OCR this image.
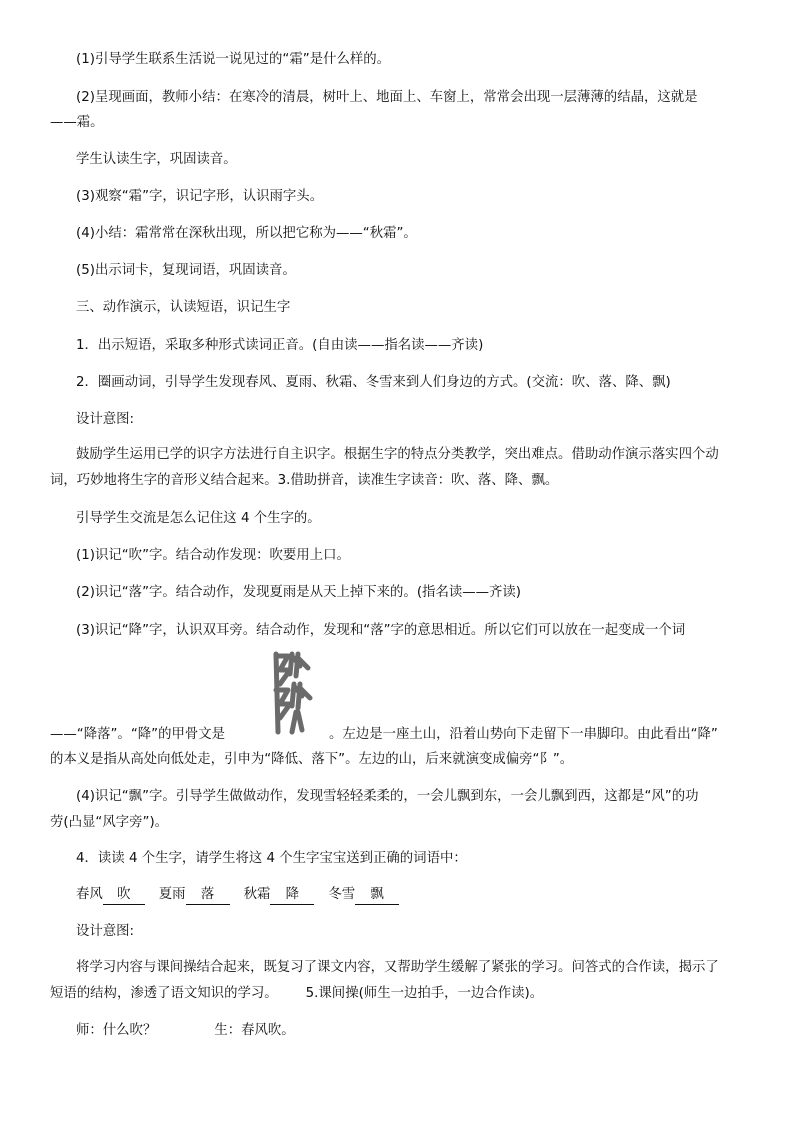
(1)引导学生联系生活说一说见过的“霜”是什么样的。
(2)呈现画面，教师小结：在寒冷的清晨，树叶上、地面上、车窗上，常常会出现一层薄薄的结晶，这就是
——霜。
学生认读生字，巩固读音。
(3)观察“霜”字，识记字形，认识雨字头。
(4)小结：霜常常在深秋出现，所以把它称为——“秋霜”。
(5)出示词卡，复现词语，巩固读音。
三、动作演示，认读短语，识记生字
1．出示短语，采取多种形式读词正音。(自由读——指名读——齐读)
2．圈画动词，引导学生发现春风、夏雨、秋霜、冬雪来到人们身边的方式。(交流：吹、落、降、飘)
设计意图:
鼓励学生运用已学的识字方法进行自主识字。根据生字的特点分类教学，突出难点。借助动作演示落实四个动
词，巧妙地将生字的音形义结合起来。3.借助拼音，读准生字读音：吹、落、降、飘。
引导学生交流是怎么记住这 4 个生字的。
(1)识记“吹”字。结合动作发现：吹要用上口。
(2)识记“落”字。结合动作，发现夏雨是从天上掉下来的。(指名读——齐读)
(3)识记“降”字，认识双耳旁。结合动作，发现和“落”字的意思相近。所以它们可以放在一起变成一个词
——“降落”。“降”的甲骨文是	。左边是一座土山，沿着山势向下走留下一串脚印。由此看出“降”
的本义是指从高处向低处走，引申为“降低、落下”。左边的山，后来就演变成偏旁“阝”。
(4)识记“飘”字。引导学生做做动作，发现雪轻轻柔柔的，一会儿飘到东，一会儿飘到西，这都是“风”的功
劳(凸显“风字旁”)。
4．读读 4 个生字，请学生将这 4 个生字宝宝送到正确的词语中：
春风 吹 夏雨 落 秋霜 降 冬雪 飘
设计意图:
将学习内容与课间操结合起来，既复习了课文内容，又帮助学生缓解了紧张的学习。问答式的合作读，揭示了
短语的结构，渗透了语文知识的学习。 5.课间操(师生一边拍手，一边合作读)。
师：什么吹？	生：春风吹。
